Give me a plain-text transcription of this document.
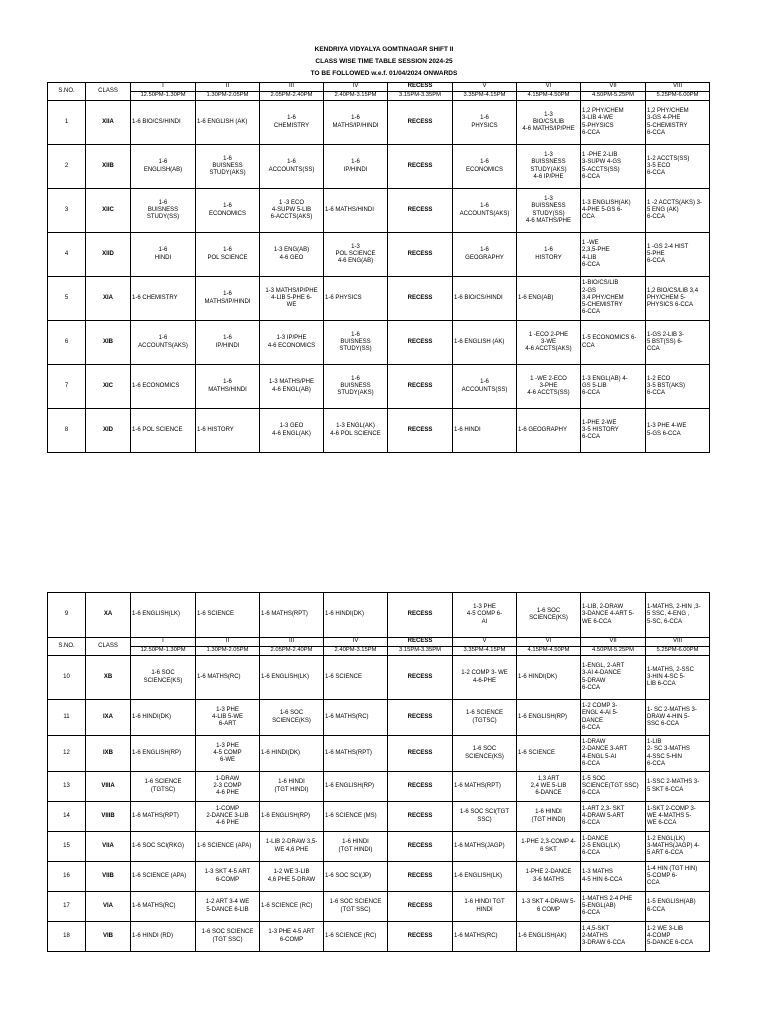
KENDRIYA VIDYALYA GOMTINAGAR SHIFT II
CLASS WISE TIME TABLE SESSION 2024-25
TO BE FOLLOWED w.e.f. 01/04/2024 ONWARDS
S.NO.	CLASS	I	II	III	IV	RECESS	V	VI	VII	VIII
		12.50PM-1.30PM	1.30PM-2.05PM	2.05PM-2.40PM	2.40PM-3.15PM	3.15PM-3.35PM	3.35PM-4.15PM	4.15PM-4.50PM	4.50PM-5.25PM	5.25PM-6.00PM
1	XIIA	1-6 BIO/CS/HINDI	1-6 ENGLISH (AK)	1-6
CHEMISTRY	1-6
MATHS/IP/HINDI	RECESS	1-6
PHYSICS	1-3
BIO/CS/LIB
4-6 MATHS/IP/PHE	1,2 PHY/CHEM
3-LIB 4-WE
5-PHYSICS
6-CCA	1,2 PHY/CHEM
3-GS 4-PHE
5-CHEMISTRY
6-CCA
2	XIIB	1-6
ENGLISH(AB)	1-6
BUISNESS
STUDY(AKS)	1-6
ACCOUNTS(SS)	1-6
IP/HINDI	RECESS	1-6
ECONOMICS	1-3
BUISSNESS
STUDY(AKS)
4-6 IP/PHE	1 -PHE 2-LIB
3-SUPW 4-GS
5-ACCTS(SS)
6-CCA	1-2 ACCTS(SS)
3-5 ECO
6-CCA
3	XIIC	1-6
BUISNESS
STUDY(SS)	1-6
ECONOMICS	1 -3 ECO
4-SUPW 5-LIB
6-ACCTS(AKS)	1-6 MATHS/HINDI	RECESS	1-6
ACCOUNTS(AKS)	1-3
BUISSNESS
STUDY(SS)
4-6 MATHS/PHE	1-3 ENGLISH(AK)
4-PHE 5-GS 6-
CCA	1 -2 ACCTS(AKS) 3-
5 ENG (AK)
6-CCA
4	XIID	1-6
HINDI	1-6
POL SCIENCE	1-3 ENG(AB)
4-6 GEO	1-3
POL SCIENCE
4-6 ENG(AB)	RECESS	1-6
GEOGRAPHY	1-6
HISTORY	1 -WE
2,3,5-PHE
4-LIB
6-CCA	1 -GS 2-4 HIST
5-PHE
6-CCA
5	XIA	1-6 CHEMISTRY	1-6
MATHS/IP/HINDI	1-3 MATHS/IP/PHE
4-LIB 5-PHE 6-
WE	1-6 PHYSICS	RECESS	1-6 BIO/CS/HINDI	1-6 ENG(AB)	1-BIO/CS/LIB
2-GS
3,4 PHY/CHEM
5-CHEMISTRY
6-CCA	1,2 BIO/CS/LIB 3,4
PHY/CHEM 5-
PHYSICS 6-CCA
6	XIB	1-6
ACCOUNTS(AKS)	1-6
IP/HINDI	1-3 IP/PHE
4-6 ECONOMICS	1-6
BUISNESS
STUDY(SS)	RECESS	1-6 ENGLISH (AK)	1 -ECO 2-PHE
3-WE
4-6 ACCTS(AKS)	1-5 ECONOMICS 6-
CCA	1-GS 2-LIB 3-
5 BST(SS) 6-
CCA
7	XIC	1-6 ECONOMICS	1-6
MATHS/HINDI	1-3 MATHS/PHE
4-6 ENGL(AB)	1-6
BUISNESS
STUDY(AKS)	RECESS	1-6
ACCOUNTS(SS)	1 -WE 2-ECO
3-PHE
4-6 ACCTS(SS)	1-3 ENGL(AB) 4-
GS 5-LIB
6-CCA	1-2 ECO
3-5 BST(AKS)
6-CCA
8	XID	1-6 POL SCIENCE	1-6 HISTORY	1-3 GEO
4-6 ENGL(AK)	1-3 ENGL(AK)
4-6 POL SCIENCE	RECESS	1-6 HINDI	1-6 GEOGRAPHY	1-PHE 2-WE
3-5 HISTORY
6-CCA	1-3 PHE 4-WE
5-GS 6-CCA
9	XA	1-6 ENGLISH(LK)	1-6 SCIENCE	1-6 MATHS(RPT)	1-6 HINDI(DK)	RECESS	1-3 PHE
4-5 COMP 6-
AI	1-6 SOC
SCIENCE(KS)	1-LIB, 2-DRAW
3-DANCE 4-ART 5-
WE 6-CCA	1-MATHS, 2-HIN ,3-
5 SSC, 4-ENG ,
5-SC, 6-CCA
S.NO.	CLASS	I	II	III	IV	RECESS	V	VI	VII	VIII
		12.50PM-1.30PM	1.30PM-2.05PM	2.05PM-2.40PM	2.40PM-3.15PM	3.15PM-3.35PM	3.35PM-4.15PM	4.15PM-4.50PM	4.50PM-5.25PM	5.25PM-6.00PM
10	XB	1-6 SOC
SCIENCE(KS)	1-6 MATHS(RC)	1-6 ENGLISH(LK)	1-6 SCIENCE	RECESS	1-2 COMP 3- WE
4-6-PHE	1-6 HINDI(DK)	1-ENGL, 2-ART
3-AI 4-DANCE
5-DRAW
6-CCA	1-MATHS, 2-SSC
3-HIN 4-SC 5-
LIB 6-CCA
11	IXA	1-6 HINDI(DK)	1-3 PHE
4-LIB 5-WE
6-ART	1-6 SOC
SCIENCE(KS)	1-6 MATHS(RC)	RECESS	1-6 SCIENCE
(TGTSC)	1-6 ENGLISH(RP)	1-2 COMP 3-
ENGL 4-AI 5-
DANCE
6-CCA	1- SC 2-MATHS 3-
DRAW 4-HIN 5-
SSC 6-CCA
12	IXB	1-6 ENGLISH(RP)	1-3 PHE
4-5 COMP
6-WE	1-6 HINDI(DK)	1-6 MATHS(RPT)	RECESS	1-6 SOC
SCIENCE(KS)	1-6 SCIENCE	1-DRAW
2-DANCE 3-ART
4-ENGL 5-AI
6-CCA	1-LIB
2- SC 3-MATHS
4-SSC 5-HIN
6-CCA
13	VIIIA	1-6 SCIENCE
(TGTSC)	1-DRAW
2-3 COMP
4-6 PHE	1-6 HINDI
(TGT HINDI)	1-6 ENGLISH(RP)	RECESS	1-6 MATHS(RPT)	1,3 ART
2,4 WE 5-LIB
6-DANCE	1-5 SOC
SCIENCE(TGT SSC)
6-CCA	1-SSC 2-MATHS 3-
5 SKT 6-CCA
14	VIIIB	1-6 MATHS(RPT)	1-COMP
2-DANCE 3-LIB
4-6 PHE	1-6 ENGLISH(RP)	1-6 SCIENCE (MS)	RECESS	1-6 SOC SCI(TGT
SSC)	1-6 HINDI
(TGT HINDI)	1-ART 2,3- SKT
4-DRAW 5-ART
6-CCA	1-SKT 2-COMP 3-
WE 4-MATHS 5-
WE 6-CCA
15	VIIA	1-6 SOC SCI(RKG)	1-6 SCIENCE (APA)	1-LIB 2-DRAW 3,5-
WE 4,6 PHE	1-6 HINDI
(TGT HINDI)	RECESS	1-6 MATHS(JAGP)	1-PHE 2,3-COMP 4-
6 SKT	1-DANCE
2-5 ENGL(LK)
6-CCA	1-2 ENGL(LK)
3-MATHS(JAGP) 4-
5 ART 6-CCA
16	VIIB	1-6 SCIENCE (APA)	1-3 SKT 4-5 ART
6-COMP	1-2 WE 3-LIB
4,6 PHE 5-DRAW	1-6 SOC SCI(JP)	RECESS	1-6 ENGLISH(LK)	1-PHE 2-DANCE
3-6 MATHS	1-3 MATHS
4-5 HIN 6-CCA	1-4 HIN (TGT HIN)
5-COMP 6-
CCA
17	VIA	1-6 MATHS(RC)	1-2 ART 3-4 WE
5-DANCE 6-LIB	1-6 SCIENCE (RC)	1-6 SOC SCIENCE
(TGT SSC)	RECESS	1-6 HINDI TGT
HINDI	1-3 SKT 4-DRAW 5-
6 COMP	1-MATHS 2-4 PHE
5-ENGL(AB)
6-CCA	1-5 ENGLISH(AB)
6-CCA
18	VIB	1-6 HINDI (RD)	1-6 SOC SCIENCE
(TGT SSC)	1-3 PHE 4-5 ART
6-COMP	1-6 SCIENCE (RC)	RECESS	1-6 MATHS(RC)	1-6 ENGLISH(AK)	1,4,5-SKT
2-MATHS
3-DRAW 6-CCA	1-2 WE 3-LIB
4-COMP
5-DANCE 6-CCA
